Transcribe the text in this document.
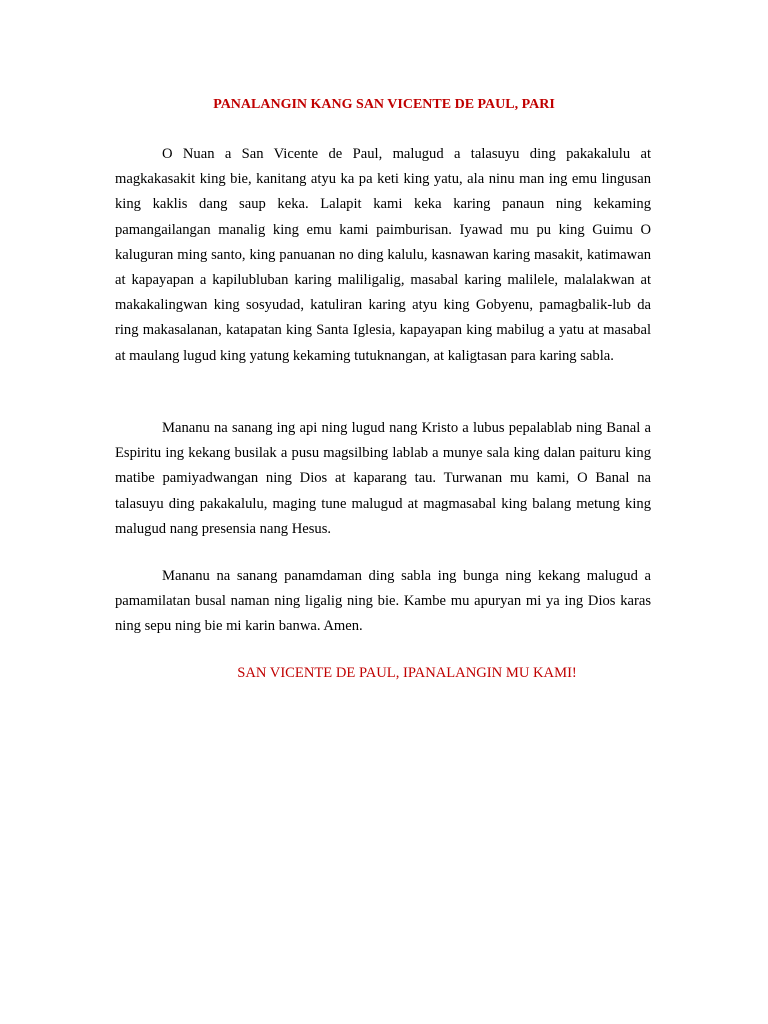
PANALANGIN KANG SAN VICENTE DE PAUL, PARI

O Nuan a San Vicente de Paul, malugud a talasuyu ding pakakalulu at magkakasakit king bie, kanitang atyu ka pa keti king yatu, ala ninu man ing emu lingusan king kaklis dang saup keka. Lalapit kami keka karing panaun ning kekaming pamangailangan manalig king emu kami paimburisan. Iyawad mu pu king Guimu O kaluguran ming santo, king panuanan no ding kalulu, kasnawan karing masakit, katimawan at kapayapan a kapilubluban karing maliligalig, masabal karing malilele, malalakwan at makakalingwan king sosyudad, katuliran karing atyu king Gobyenu, pamagbalik-lub da ring makasalanan, katapatan king Santa Iglesia, kapayapan king mabilug a yatu at masabal at maulang lugud king yatung kekaming tutuknangan, at kaligtasan para karing sabla.

Mananu na sanang ing api ning lugud nang Kristo a lubus pepalablab ning Banal a Espiritu ing kekang busilak a pusu magsilbing lablab a munye sala king dalan paituru king matibe pamiyadwangan ning Dios at kaparang tau. Turwanan mu kami, O Banal na talasuyu ding pakakalulu, maging tune malugud at magmasabal king balang metung king malugud nang presensia nang Hesus.

Mananu na sanang panamdaman ding sabla ing bunga ning kekang malugud a pamamilatan busal naman ning ligalig ning bie. Kambe mu apuryan mi ya ing Dios karas ning sepu ning bie mi karin banwa. Amen.

SAN VICENTE DE PAUL, IPANALANGIN MU KAMI!
